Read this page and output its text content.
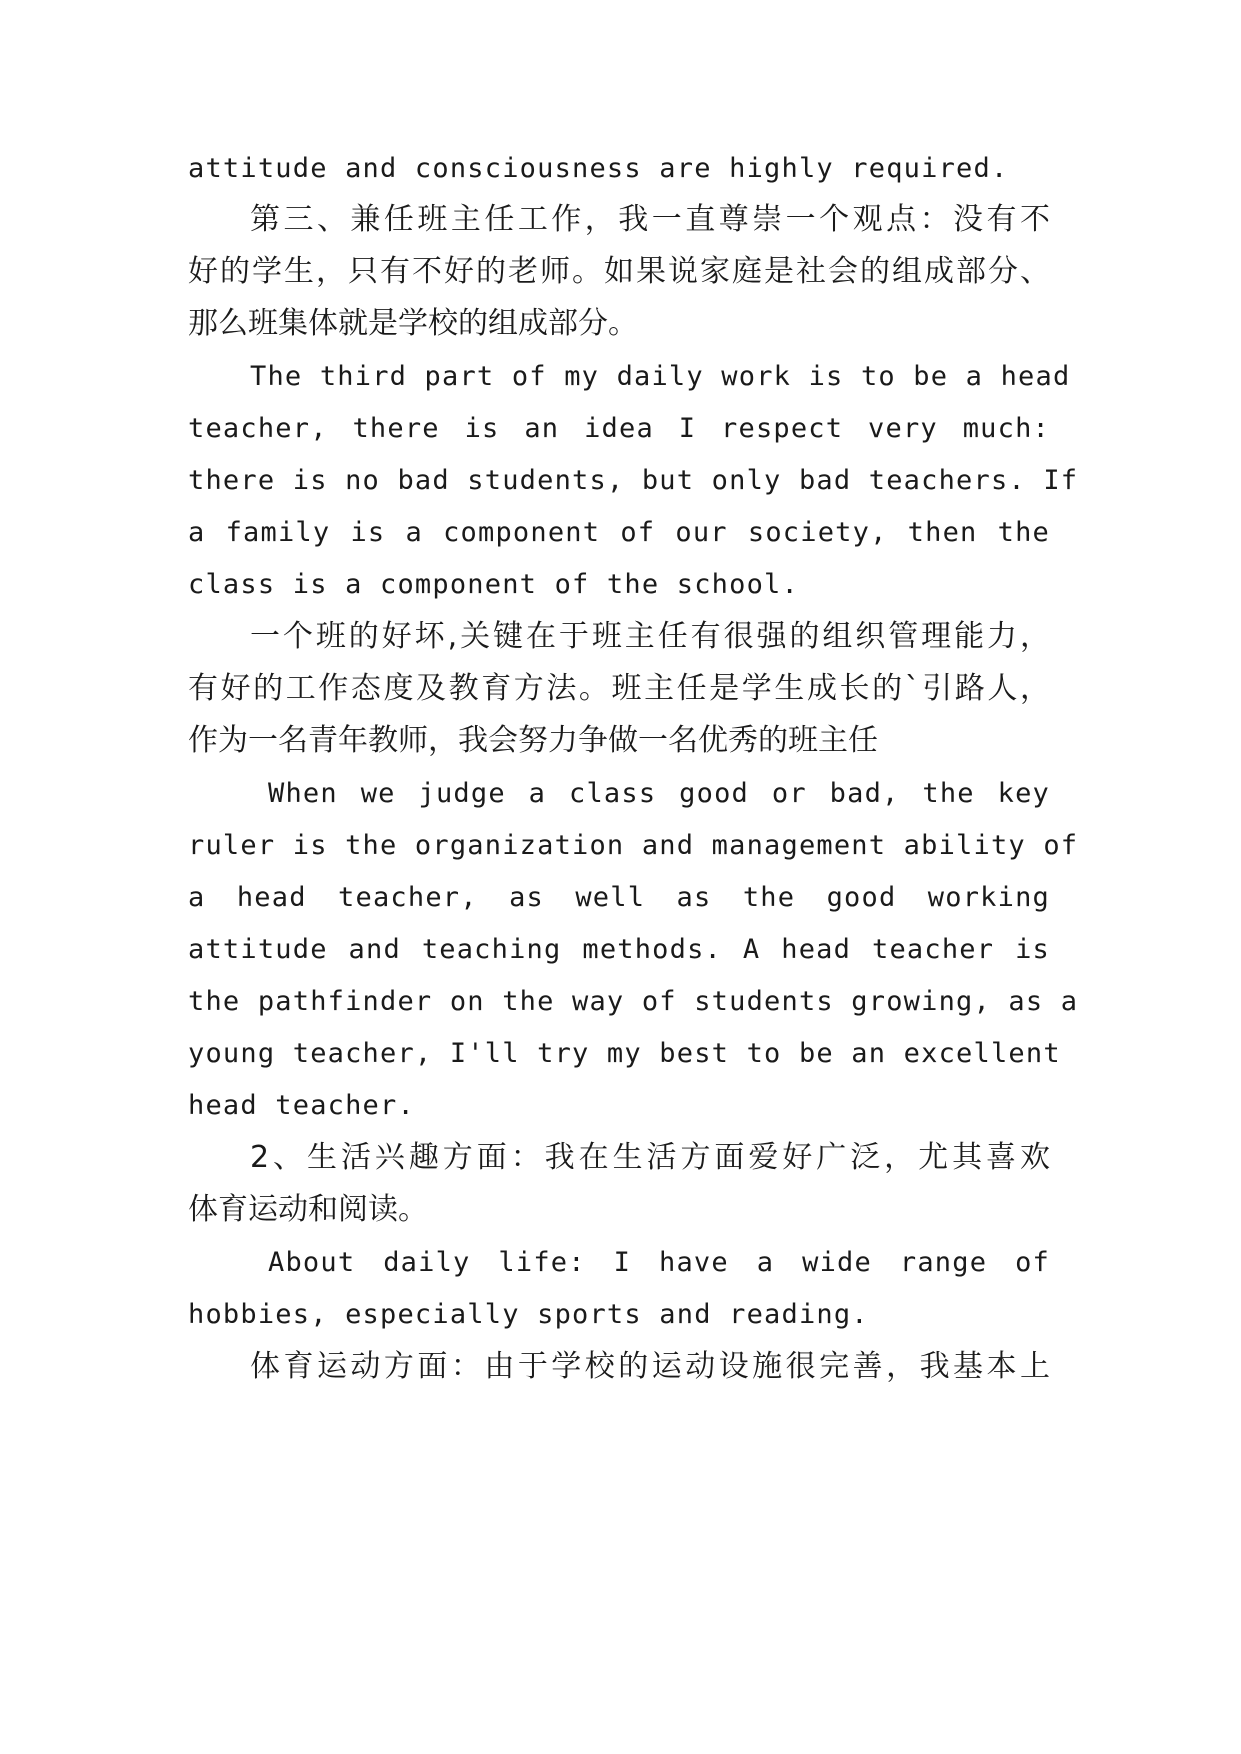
attitude and consciousness are highly required.
第三、兼任班主任工作，我一直尊崇一个观点：没有不
好的学生，只有不好的老师。如果说家庭是社会的组成部分、
那么班集体就是学校的组成部分。
The third part of my daily work is to be a head
teacher, there is an idea I respect very much:
there is no bad students, but only bad teachers. If
a family is a component of our society, then the
class is a component of the school.
一个班的好坏,关键在于班主任有很强的组织管理能力，
有好的工作态度及教育方法。班主任是学生成长的`引路人，
作为一名青年教师，我会努力争做一名优秀的班主任
When we judge a class good or bad, the key
ruler is the organization and management ability of
a head teacher, as well as the good working
attitude and teaching methods. A head teacher is
the pathfinder on the way of students growing, as a
young teacher, I'll try my best to be an excellent
head teacher.
2、生活兴趣方面：我在生活方面爱好广泛，尤其喜欢
体育运动和阅读。
About daily life: I have a wide range of
hobbies, especially sports and reading.
体育运动方面：由于学校的运动设施很完善，我基本上
